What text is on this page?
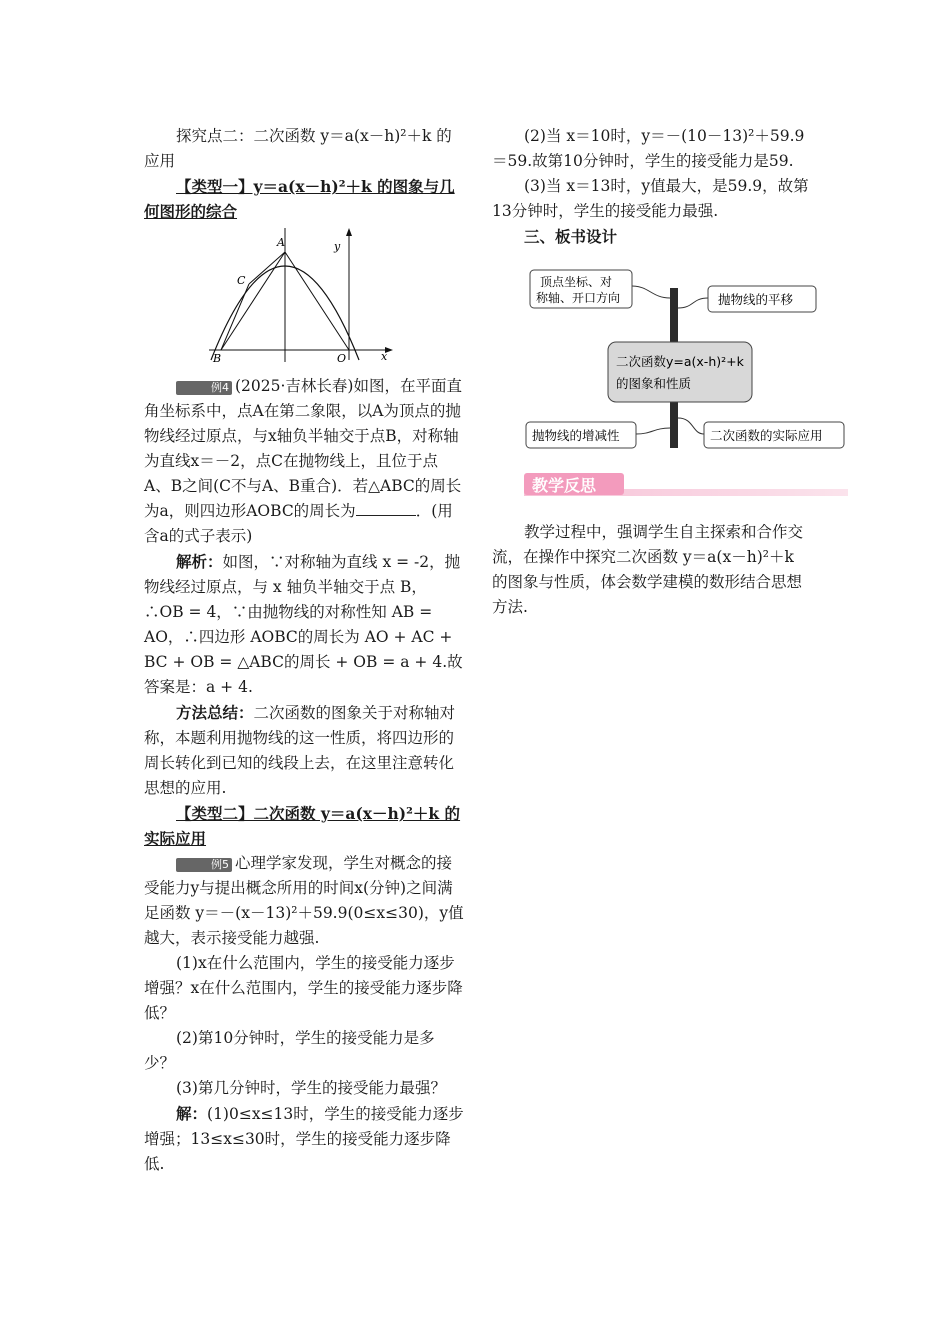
探究点二：二次函数 y＝a(x－h)²＋k 的应用

【类型一】y＝a(x－h)²＋k 的图象与几何图形的综合

A
B
C
O	x
y

例4 (2025·吉林长春)如图，在平面直角坐标系中，点A在第二象限，以A为顶点的抛物线经过原点，与x轴负半轴交于点B，对称轴为直线x＝－2，点C在抛物线上，且位于点A、B之间(C不与A、B重合)．若△ABC的周长为a，则四边形AOBC的周长为	．(用含a的式子表示)

解析：如图，∵对称轴为直线 x = -2，抛物线经过原点，与 x 轴负半轴交于点 B，∴OB = 4，∵由抛物线的对称性知 AB = AO，∴四边形 AOBC的周长为 AO + AC + BC + OB = △ABC的周长 + OB = a + 4.故答案是：a + 4.

方法总结：二次函数的图象关于对称轴对称，本题利用抛物线的这一性质，将四边形的周长转化到已知的线段上去，在这里注意转化思想的应用.

【类型二】二次函数 y＝a(x－h)²＋k 的实际应用

例5 心理学家发现，学生对概念的接受能力y与提出概念所用的时间x(分钟)之间满足函数 y＝－(x－13)²＋59.9(0≤x≤30)，y值越大，表示接受能力越强.

(1)x在什么范围内，学生的接受能力逐步增强？x在什么范围内，学生的接受能力逐步降低？

(2)第10分钟时，学生的接受能力是多少？

(3)第几分钟时，学生的接受能力最强？

解：(1)0≤x≤13时，学生的接受能力逐步增强；13≤x≤30时，学生的接受能力逐步降低.

(2)当 x＝10时，y＝－(10－13)²＋59.9＝59.故第10分钟时，学生的接受能力是59.

(3)当 x＝13时，y值最大，是59.9，故第13分钟时，学生的接受能力最强.

三、板书设计

顶点坐标、对
称轴、开口方向	抛物线的平移
二次函数y=a(x-h)²+k
的图象和性质
抛物线的增减性	二次函数的实际应用
教学反思

教学过程中，强调学生自主探索和合作交流，在操作中探究二次函数 y＝a(x－h)²＋k 的图象与性质，体会数学建模的数形结合思想方法.
